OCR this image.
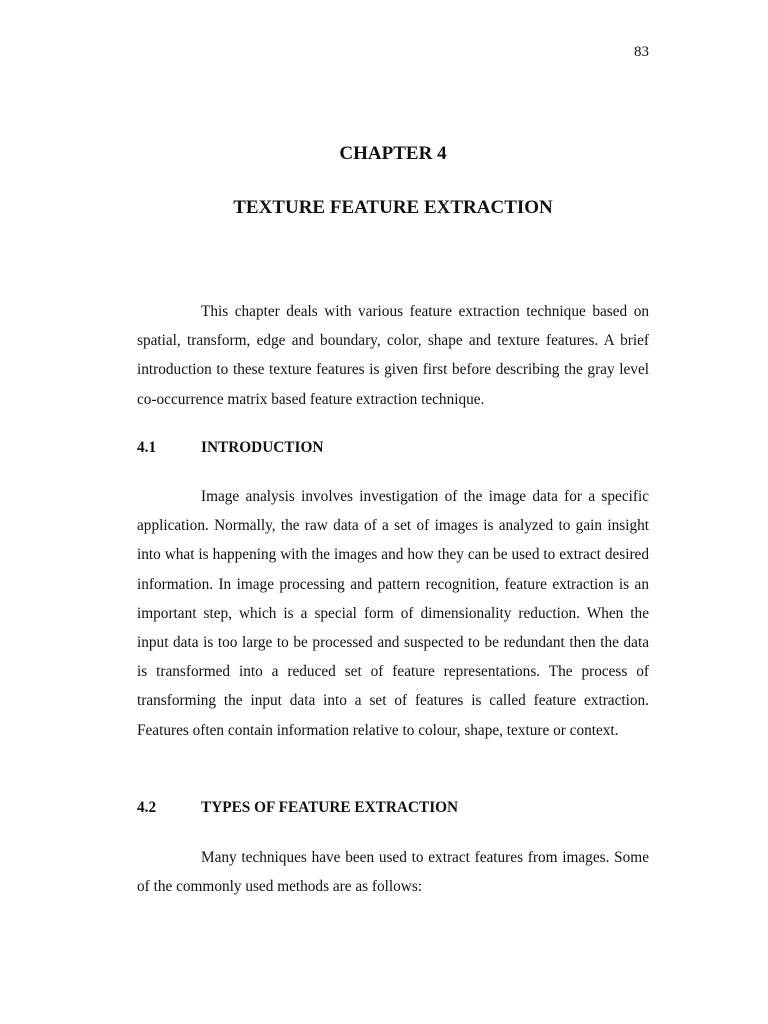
83
CHAPTER 4
TEXTURE FEATURE EXTRACTION

This chapter deals with various feature extraction technique based on spatial, transform, edge and boundary, color, shape and texture features. A brief introduction to these texture features is given first before describing the gray level co-occurrence matrix based feature extraction technique.

4.1	INTRODUCTION

Image analysis involves investigation of the image data for a specific application. Normally, the raw data of a set of images is analyzed to gain insight into what is happening with the images and how they can be used to extract desired information. In image processing and pattern recognition, feature extraction is an important step, which is a special form of dimensionality reduction. When the input data is too large to be processed and suspected to be redundant then the data is transformed into a reduced set of feature representations. The process of transforming the input data into a set of features is called feature extraction. Features often contain information relative to colour, shape, texture or context.

4.2	TYPES OF FEATURE EXTRACTION

Many techniques have been used to extract features from images. Some of the commonly used methods are as follows:
